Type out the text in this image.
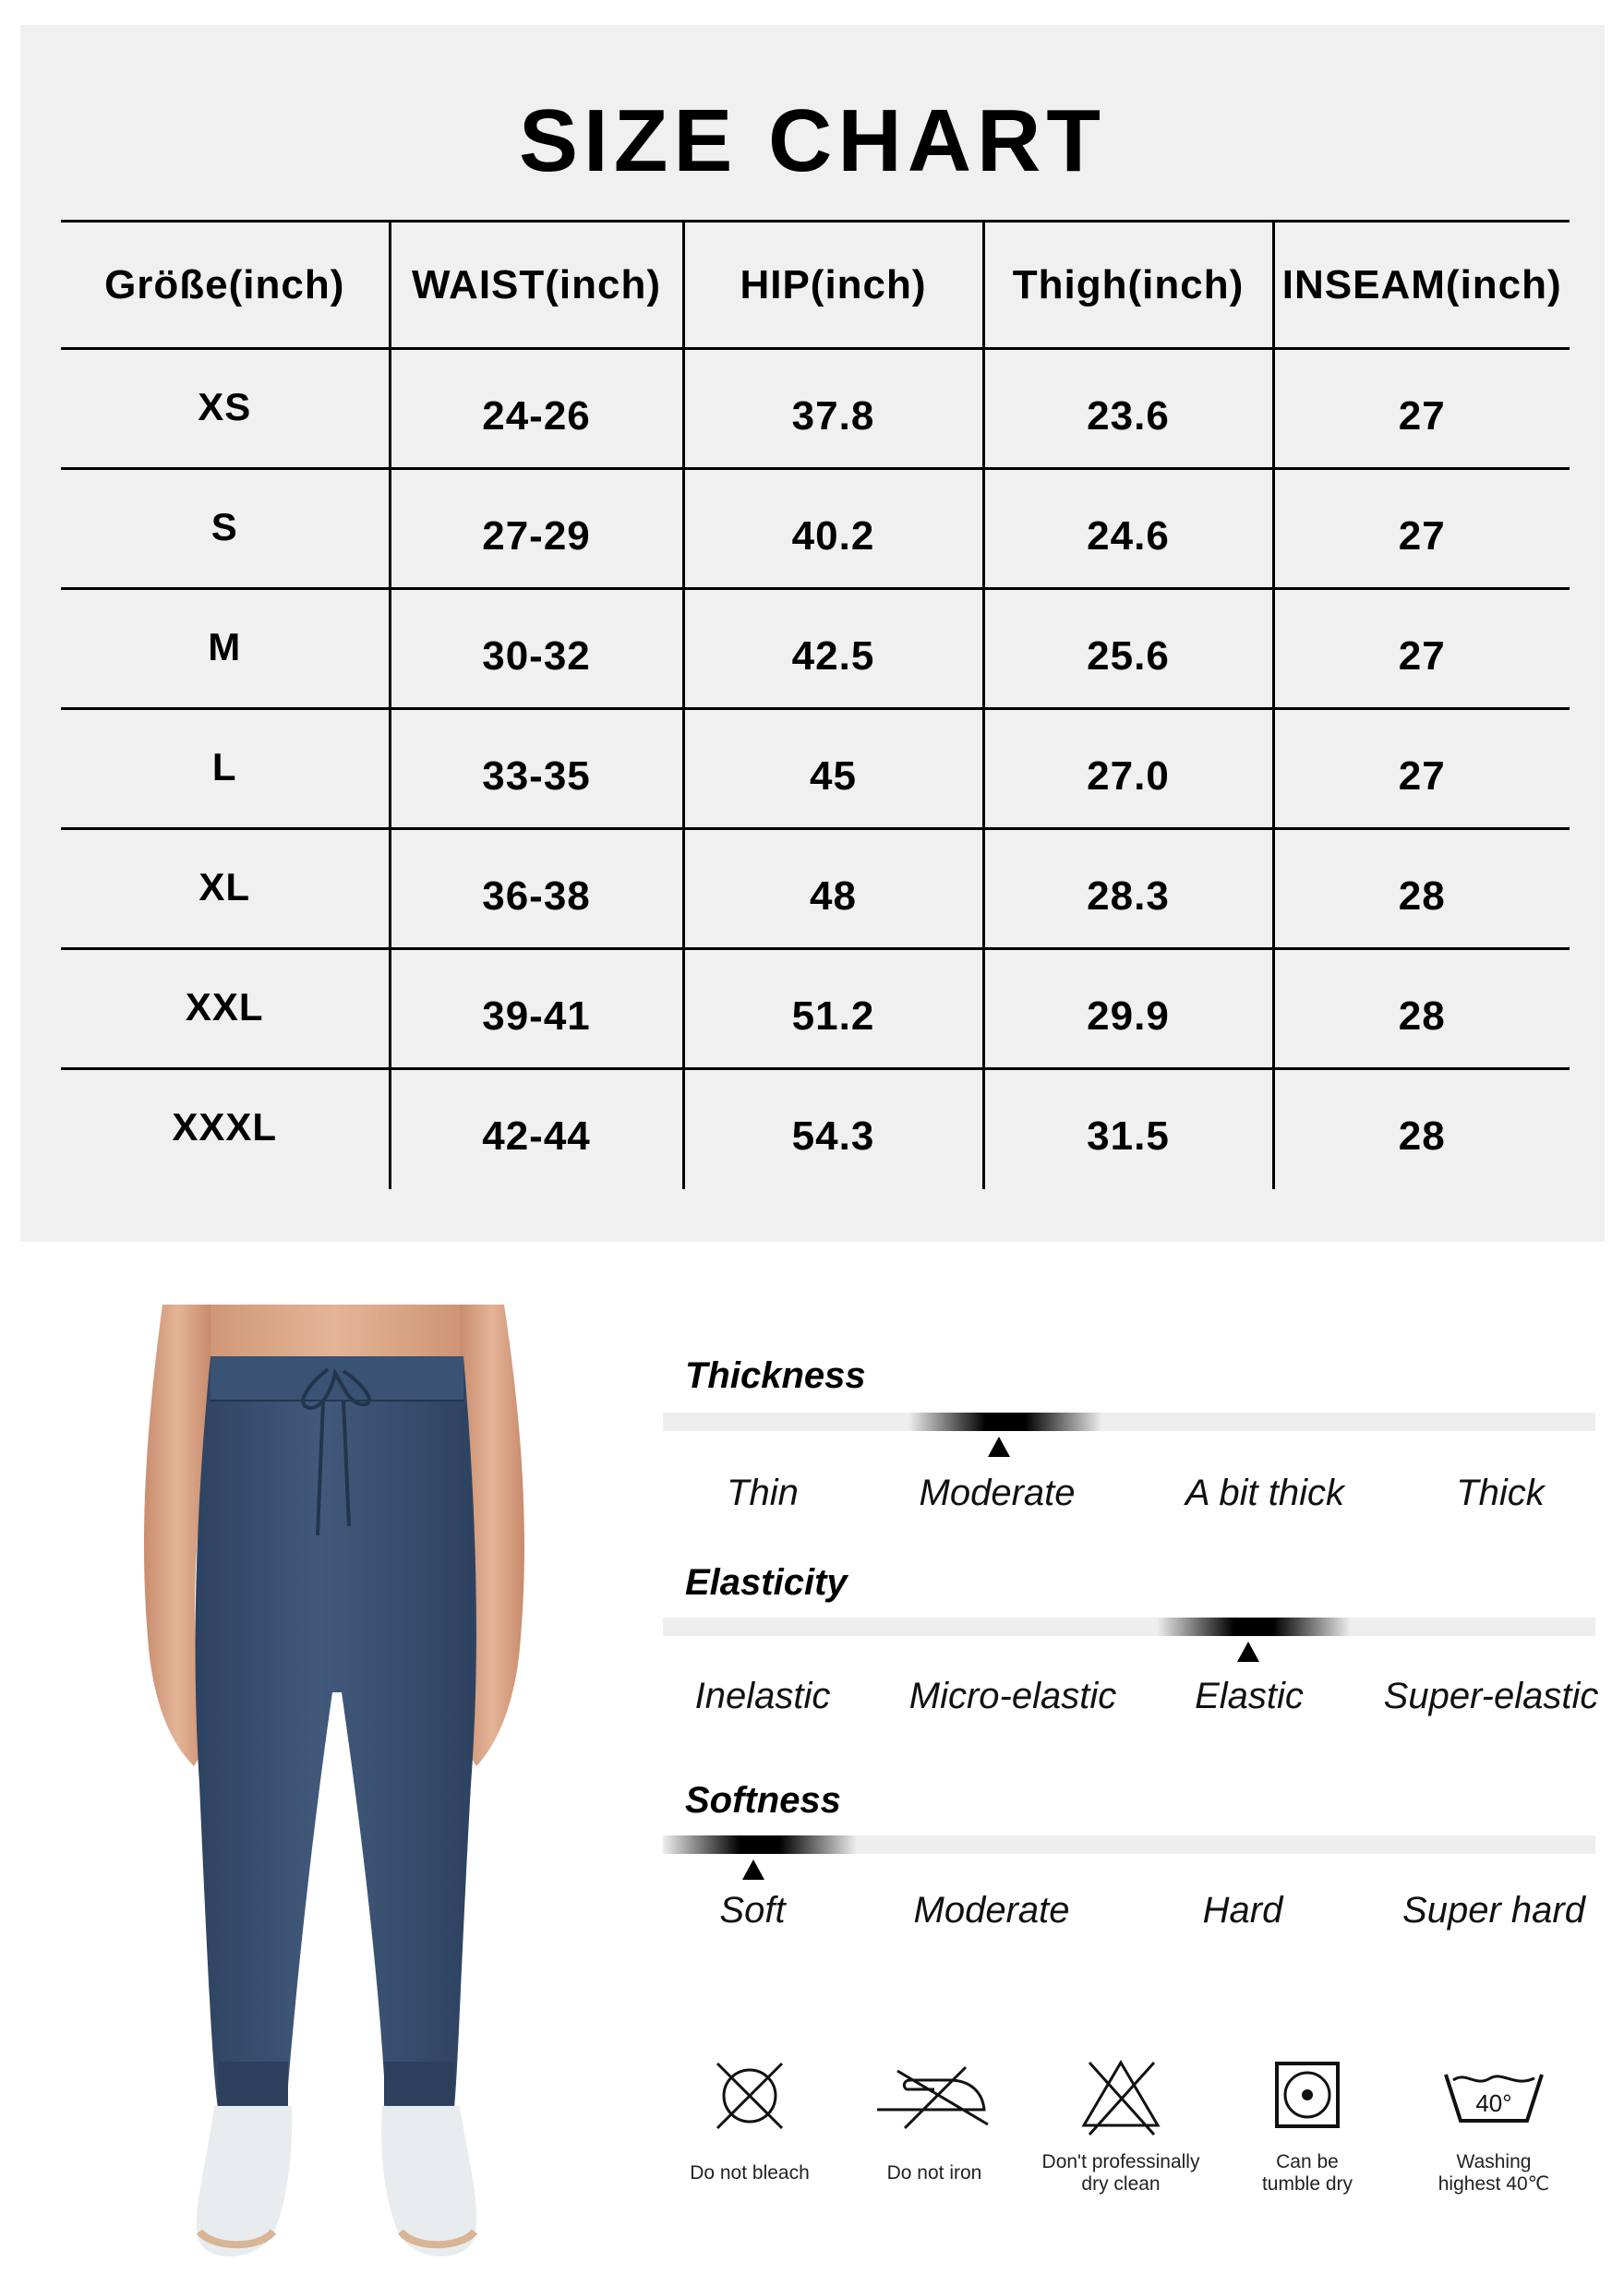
SIZE CHART
Größe(inch)	WAIST(inch)	HIP(inch)	Thigh(inch)	INSEAM(inch)
XS	24-26	37.8	23.6	27
S	27-29	40.2	24.6	27
M	30-32	42.5	25.6	27
L	33-35	45	27.0	27
XL	36-38	48	28.3	28
XXL	39-41	51.2	29.9	28
XXXL	42-44	54.3	31.5	28
Thickness
Thin	Moderate	A bit thick	Thick
Elasticity
Inelastic Micro-elastic Elastic Super-elastic
Softness
Soft	Moderate	Hard	Super hard
Do not bleach	Do not iron
Don't professinally
dry clean
Can be
tumble dry
40°
Washing
highest 40℃
